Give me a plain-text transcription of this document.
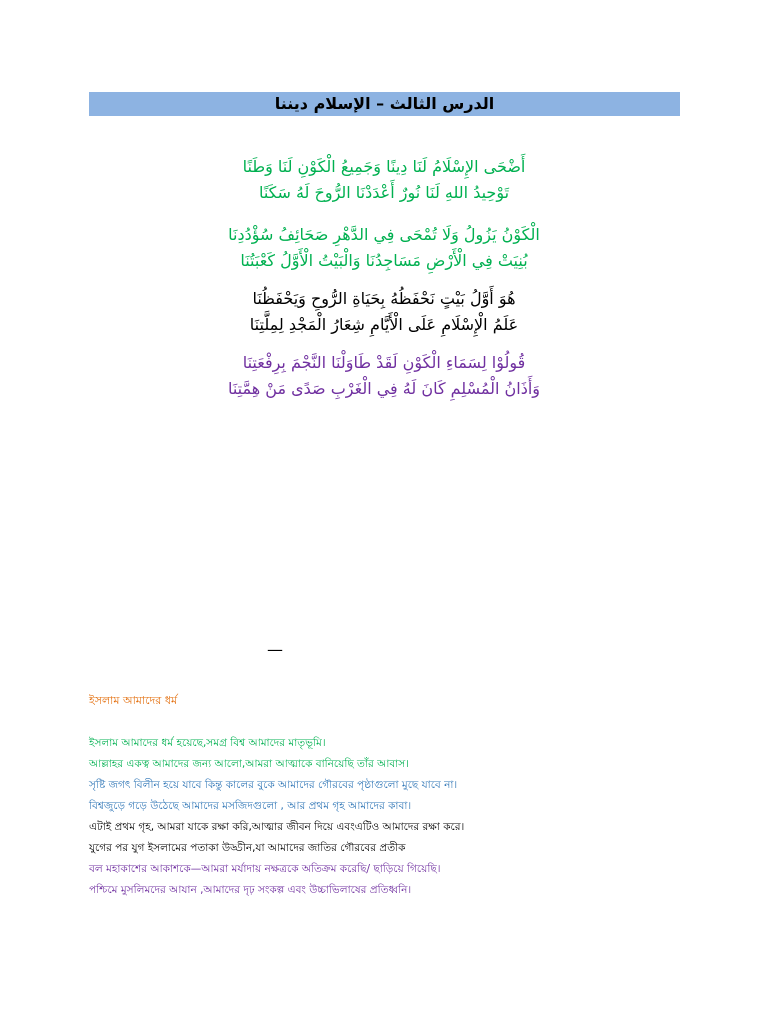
الدرس الثالث – الإسلام ديننا
أَضْحَى الإِسْلَامُ لَنَا دِينًا وَجَمِيعُ الْكَوْنِ لَنَا وَطَنًا
تَوْحِيدُ اللهِ لَنَا نُورٌ أَعْدَدْنَا الرُّوحَ لَهُ سَكَنًا
الْكَوْنُ يَزُولُ وَلَا تُمْحَى فِي الدَّهْرِ صَحَائِفُ سُؤْدُدِنَا
بُنِيَتْ فِي الْأَرْضِ مَسَاجِدُنَا وَالْبَيْتُ الْأَوَّلُ كَعْبَتُنَا
هُوَ أَوَّلُ بَيْتٍ نَحْفَظُهُ بِحَيَاةِ الرُّوحِ وَيَحْفَظُنَا
عَلَمُ الْإِسْلَامِ عَلَى الْأَيَّامِ شِعَارُ الْمَجْدِ لِمِلَّتِنَا
قُولُوْا لِسَمَاءِ الْكَوْنِ لَقَدْ طَاوَلْنَا النَّجْمَ بِرِفْعَتِنَا
وَأَذَانُ الْمُسْلِمِ كَانَ لَهُ فِي الْغَرْبِ صَدًى مَنْ هِمَّتِنَا
—
ইসলাম আমাদের ধর্ম
ইসলাম আমাদের ধর্ম হয়েছে,সমগ্র বিশ্ব আমাদের মাতৃভূমি।
আল্লাহর একত্ব আমাদের জন্য আলো,আমরা আত্মাকে বানিয়েছি তাঁর আবাস।
সৃষ্টি জগৎ বিলীন হয়ে যাবে কিন্তু কালের বুকে আমাদের গৌরবের পৃষ্ঠাগুলো মুছে যাবে না।
বিশ্বজুড়ে গড়ে উঠেছে আমাদের মসজিদগুলো , আর প্রথম গৃহ আমাদের কাবা।
এটাই প্রথম গৃহ, আমরা যাকে রক্ষা করি,আত্মার জীবন দিয়ে এবংএটিও আমাদের রক্ষা করে।
যুগের পর যুগ ইসলামের পতাকা উড্ডীন,যা আমাদের জাতির গৌরবের প্রতীক
বল মহাকাশের আকাশকে—আমরা মর্যাদায় নক্ষত্রকে অতিক্রম করেছি/ ছাড়িয়ে গিয়েছি।
পশ্চিমে মুসলিমদের আযান ,আমাদের দৃঢ় সংকল্প এবং উচ্চাভিলাষের প্রতিধ্বনি।
